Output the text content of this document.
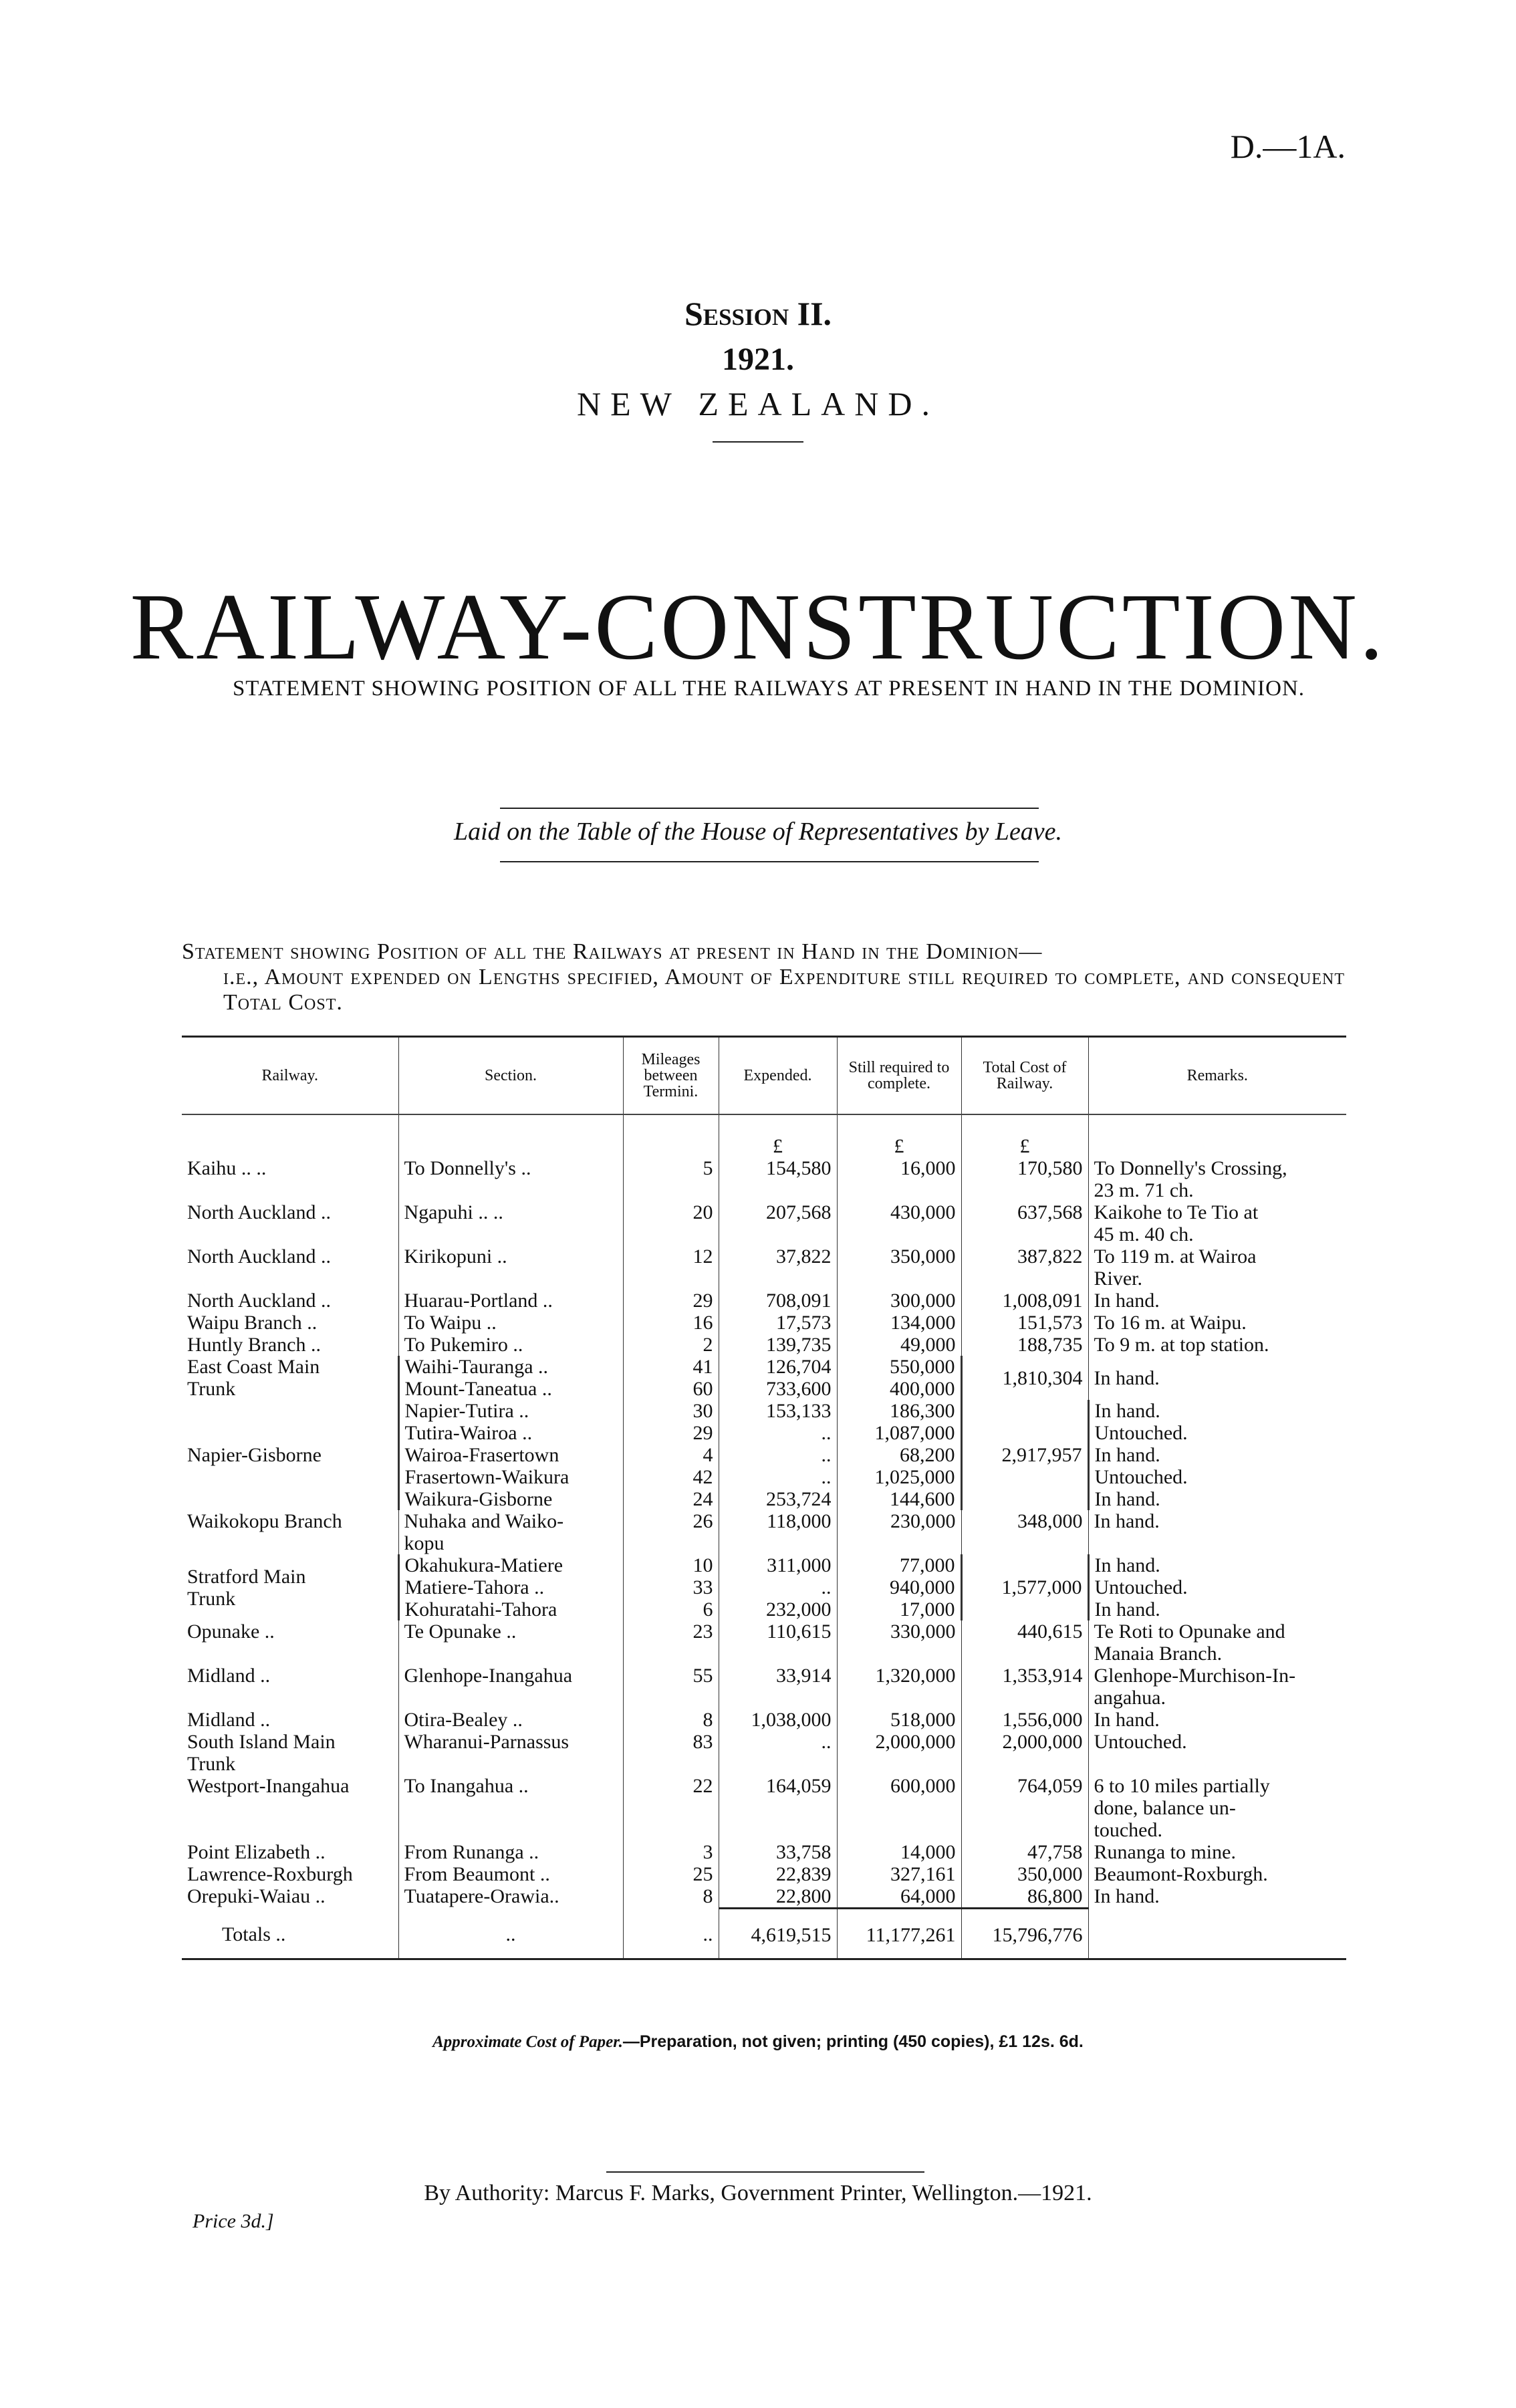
D.—1A.
Session II.
1921.
NEW ZEALAND.
RAILWAY-CONSTRUCTION.
STATEMENT SHOWING POSITION OF ALL THE RAILWAYS AT PRESENT IN HAND IN THE DOMINION.
Laid on the Table of the House of Representatives by Leave.
Statement showing Position of all the Railways at present in Hand in the Dominion—
i.e., Amount expended on Lengths specified, Amount of Expenditure still required to complete, and consequent Total Cost.
Railway.	Section.	Mileages between Termini.	Expended.	Still required to complete.	Total Cost of Railway.	Remarks.
			£	£	£	
Kaihu .. ..	To Donnelly's ..	5	154,580	16,000	170,580	To Donnelly's Crossing,
23 m. 71 ch.
North Auckland ..	Ngapuhi .. ..	20	207,568	430,000	637,568	Kaikohe to Te Tio at
45 m. 40 ch.
North Auckland ..	Kirikopuni ..	12	37,822	350,000	387,822	To 119 m. at Wairoa
River.
North Auckland ..	Huarau-Portland ..	29	708,091	300,000	1,008,091	In hand.
Waipu Branch ..	To Waipu ..	16	17,573	134,000	151,573	To 16 m. at Waipu.
Huntly Branch ..	To Pukemiro ..	2	139,735	49,000	188,735	To 9 m. at top station.
East Coast Main
Trunk	Waihi-Tauranga ..	41	126,704	550,000	1,810,304	In hand.
	Mount-Taneatua ..	60	733,600	400,000		
Napier-Gisborne	Napier-Tutira ..	30	153,133	186,300	2,917,957	In hand.
	Tutira-Wairoa ..	29	..	1,087,000		Untouched.
	Wairoa-Frasertown	4	..	68,200		In hand.
	Frasertown-Waikura	42	..	1,025,000		Untouched.
	Waikura-Gisborne	24	253,724	144,600		In hand.
Waikokopu Branch	Nuhaka and Waiko-
kopu	26	118,000	230,000	348,000	In hand.
Stratford Main
Trunk	Okahukura-Matiere	10	311,000	77,000	1,577,000	In hand.
	Matiere-Tahora ..	33	..	940,000		Untouched.
	Kohuratahi-Tahora	6	232,000	17,000		In hand.
Opunake ..	Te Opunake ..	23	110,615	330,000	440,615	Te Roti to Opunake and
Manaia Branch.
Midland ..	Glenhope-Inangahua	55	33,914	1,320,000	1,353,914	Glenhope-Murchison-In-
angahua.
Midland ..	Otira-Bealey ..	8	1,038,000	518,000	1,556,000	In hand.
South Island Main
Trunk	Wharanui-Parnassus	83	..	2,000,000	2,000,000	Untouched.
Westport-Inangahua	To Inangahua ..	22	164,059	600,000	764,059	6 to 10 miles partially
done, balance un-
touched.
Point Elizabeth ..	From Runanga ..	3	33,758	14,000	47,758	Runanga to mine.
Lawrence-Roxburgh	From Beaumont ..	25	22,839	327,161	350,000	Beaumont-Roxburgh.
Orepuki-Waiau ..	Tuatapere-Orawia..	8	22,800	64,000	86,800	In hand.
Totals ..	..	..	4,619,515	11,177,261	15,796,776	
Approximate Cost of Paper.—Preparation, not given; printing (450 copies), £1 12s. 6d.
By Authority: Marcus F. Marks, Government Printer, Wellington.—1921.
Price 3d.]
